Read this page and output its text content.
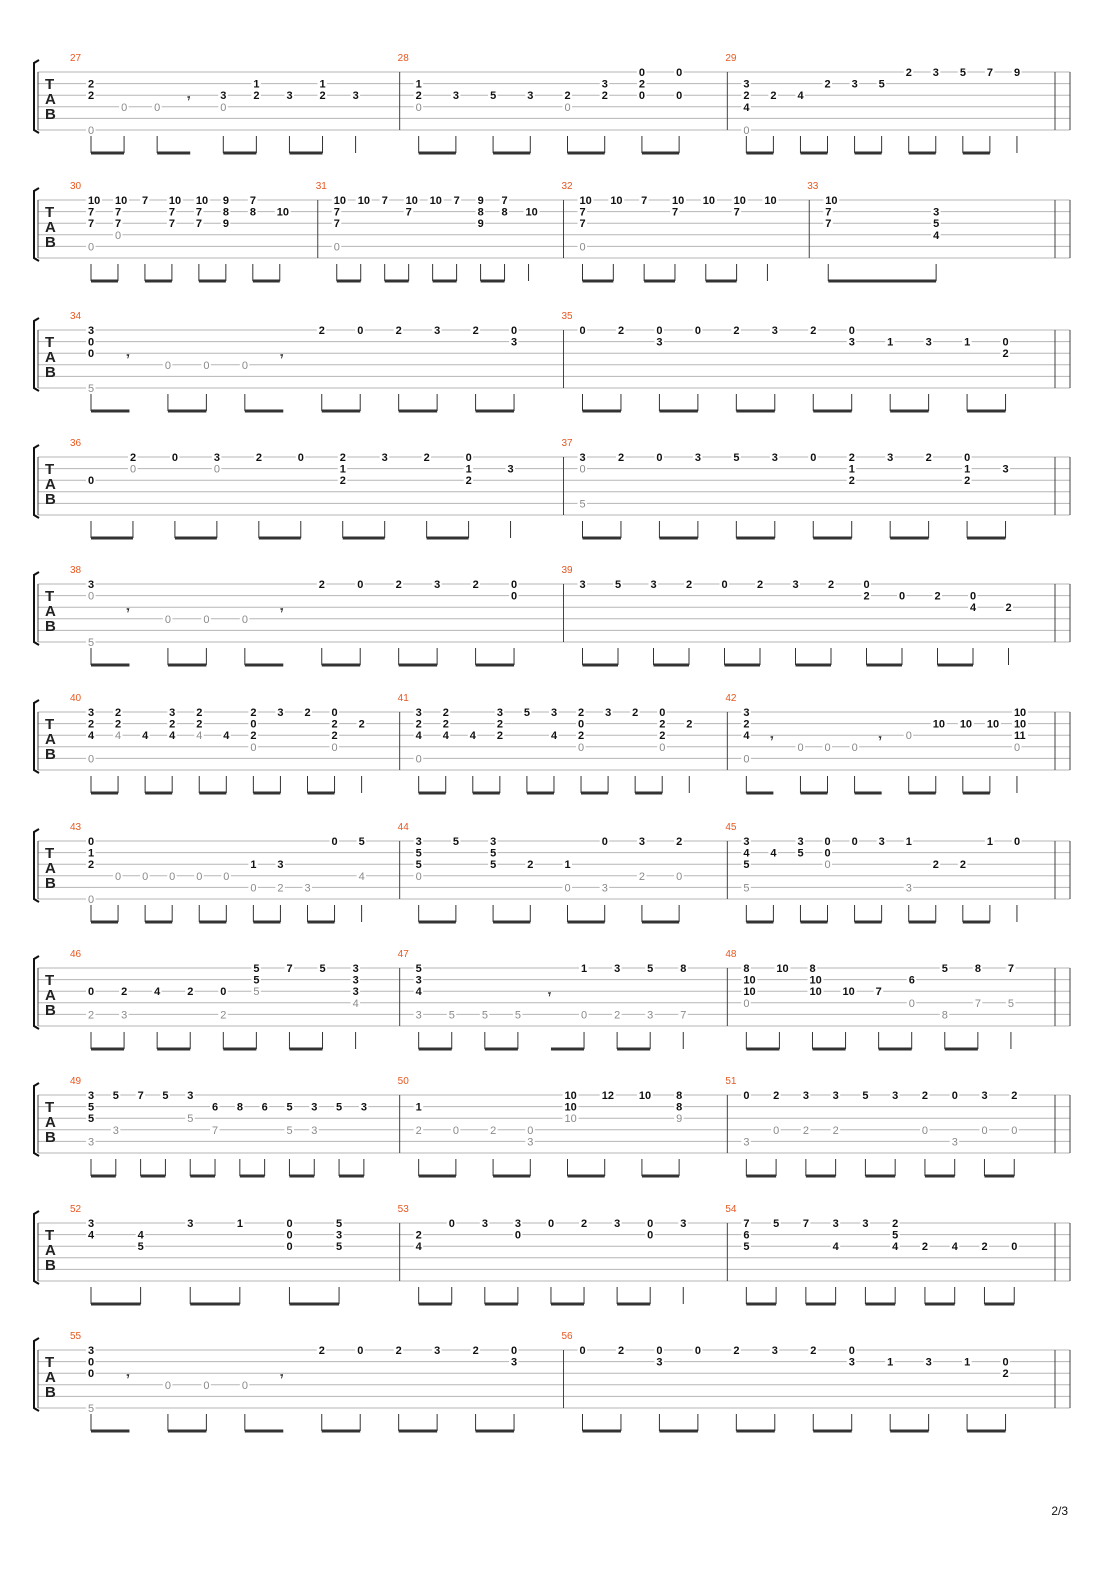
T
A
B
27
2
2
0
0 0
𝄾	3
0
1
2 3
1
2 3
28
1
2
0
3	5	3	2
0
3
2
0
2
0
0
0
29
3
2
4
0
2 4
2 3 5
2 3 5 7 9
T
A
B
30
10
7
7
0
10
7
7
0
7 10
7
7
10
7
7
9
8
9
7
8 10
31
10
7
7
0
10 7 10
7
10 7 9
8
9
7
8 10
32
10
7
7
0
10 7 10
7
10 10
7
10
33
10
7
7
3
5
4
T
A
B
34
3
0
0
5
𝄾
0	0	0
𝄾
2	0	2	3	2	0
3
35
0	2	0
3
0	2	3	2	0
3	1	3	1	0
2
T
A
B
36
0
2
0
0	3
0
2	0	2
1
2
3	2	0
1
2
3
37
3
0
5
2	0	3	5	3	0	2
1
2
3	2	0
1
2
3
T
A
B
38
3
0
5
𝄾
0	0	0
𝄾
2	0	2	3	2	0
0
39
3	5	3	2	0	2	3	2	0
2	0	2	0
4	2
T
A
B
40
3
2
4
0
2
2
4 4
3
2
4
2
2
4 4
2
0
2
0
3 2 0
2
2
0
2
41
3
2
4
0
2
2
4 4
3
2
2
5 3
4
2
0
2
0
3 2 0
2
2
0
2
42
3
2
4
0
𝄾
0 0 0
𝄾 0
10 10 10
10
10
11
0
T
A
B
43
0
1
2
0
0 0 0 0 0
1
0
3
2 3
0 5
4
44
3
5
5
0
5	3
5
5	2	1
0
0
3
3
2
2
0
45
3
4
5
5
4
3
5
0
0
0
0 3 1
3
2 2
1 0
T
A
B
46
0
2
2
3
4 2 0
2
5
5
5
7 5 3
3
3
4
47
5
3
4
3 5 5 5
𝄾
1
0
3
2
5
3
8
7
48
8
10
10
0
10 8
10
10 10 7
6
0
5
8
8
7
7
5
T
A
B
49
3
5
5
3
5
3
7 5 3
5
6
7
8 6 5
5
3
3
5 3
50
1
2	0	2	0
3
10
10
10
12 10 8
8
9
51
0
3
2
0
3
2
3
2
5 3 2
0
0
3
3
0
2
0
T
A
B
52
3
4	4
5
3	1	0
0
0
5
3
5
53
2
4
0 3 3
0
0 2 3 0
0
3
54
7
6
5
5 7 3
4
3 2
5
4 2 4 2 0
T
A
B
55
3
0
0
5
𝄾
0	0	0
𝄾
2	0	2	3	2	0
3
56
0	2	0
3
0	2	3	2	0
3	1	3	1	0
2
2/3
